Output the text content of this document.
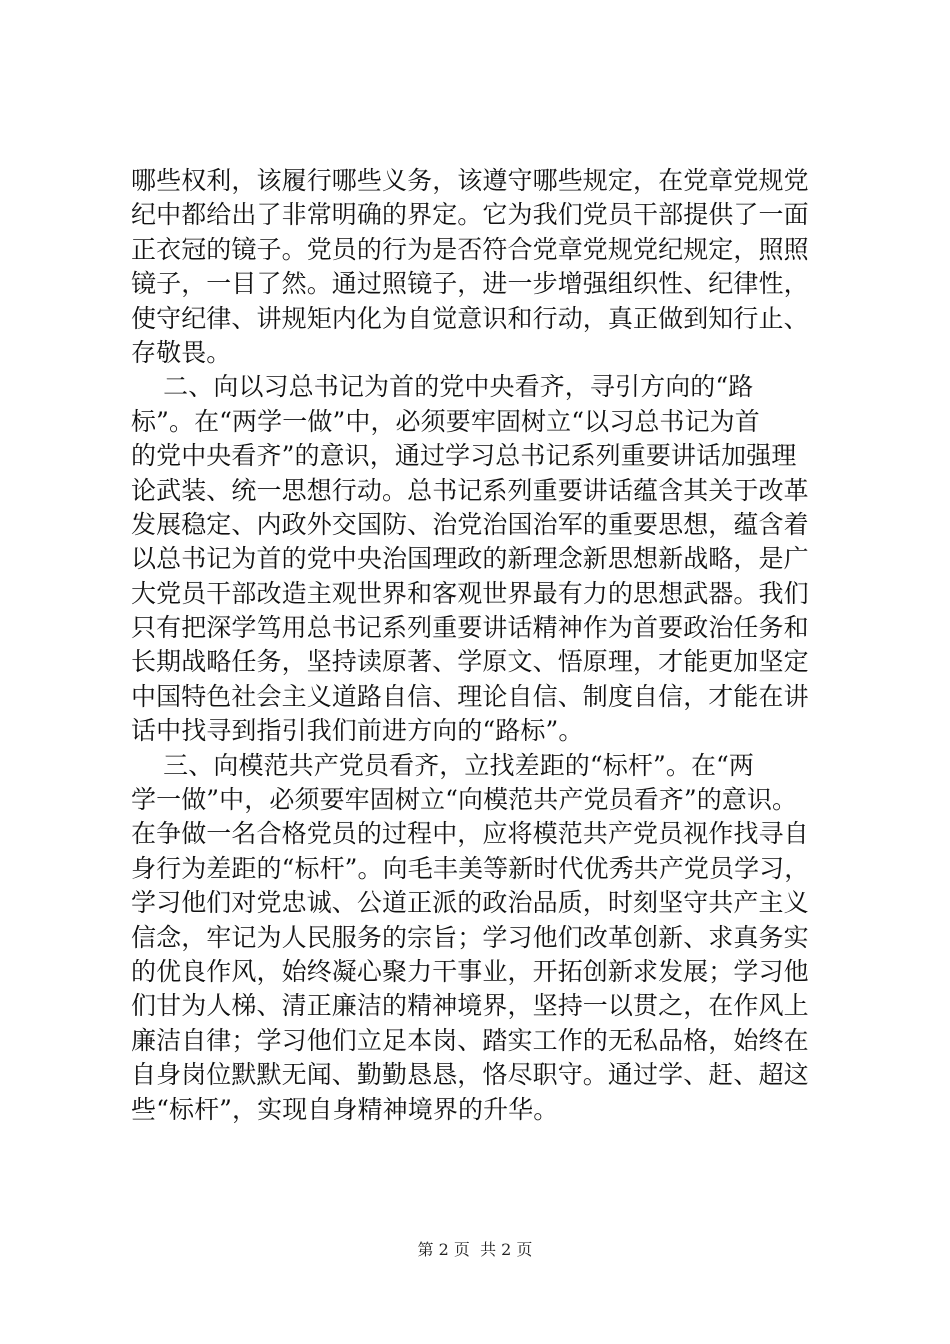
哪些权利，该履行哪些义务，该遵守哪些规定，在党章党规党
纪中都给出了非常明确的界定。它为我们党员干部提供了一面
正衣冠的镜子。党员的行为是否符合党章党规党纪规定，照照
镜子，一目了然。通过照镜子，进一步增强组织性、纪律性，
使守纪律、讲规矩内化为自觉意识和行动，真正做到知行止、
存敬畏。
二、向以习总书记为首的党中央看齐，寻引方向的“路
标”。在“两学一做”中，必须要牢固树立“以习总书记为首
的党中央看齐”的意识，通过学习总书记系列重要讲话加强理
论武装、统一思想行动。总书记系列重要讲话蕴含其关于改革
发展稳定、内政外交国防、治党治国治军的重要思想，蕴含着
以总书记为首的党中央治国理政的新理念新思想新战略，是广
大党员干部改造主观世界和客观世界最有力的思想武器。我们
只有把深学笃用总书记系列重要讲话精神作为首要政治任务和
长期战略任务，坚持读原著、学原文、悟原理，才能更加坚定
中国特色社会主义道路自信、理论自信、制度自信，才能在讲
话中找寻到指引我们前进方向的“路标”。
三、向模范共产党员看齐，立找差距的“标杆”。在“两
学一做”中，必须要牢固树立“向模范共产党员看齐”的意识。
在争做一名合格党员的过程中，应将模范共产党员视作找寻自
身行为差距的“标杆”。向毛丰美等新时代优秀共产党员学习，
学习他们对党忠诚、公道正派的政治品质，时刻坚守共产主义
信念，牢记为人民服务的宗旨；学习他们改革创新、求真务实
的优良作风，始终凝心聚力干事业，开拓创新求发展；学习他
们甘为人梯、清正廉洁的精神境界，坚持一以贯之，在作风上
廉洁自律；学习他们立足本岗、踏实工作的无私品格，始终在
自身岗位默默无闻、勤勤恳恳，恪尽职守。通过学、赶、超这
些“标杆”，实现自身精神境界的升华。
第 2 页  共 2 页
